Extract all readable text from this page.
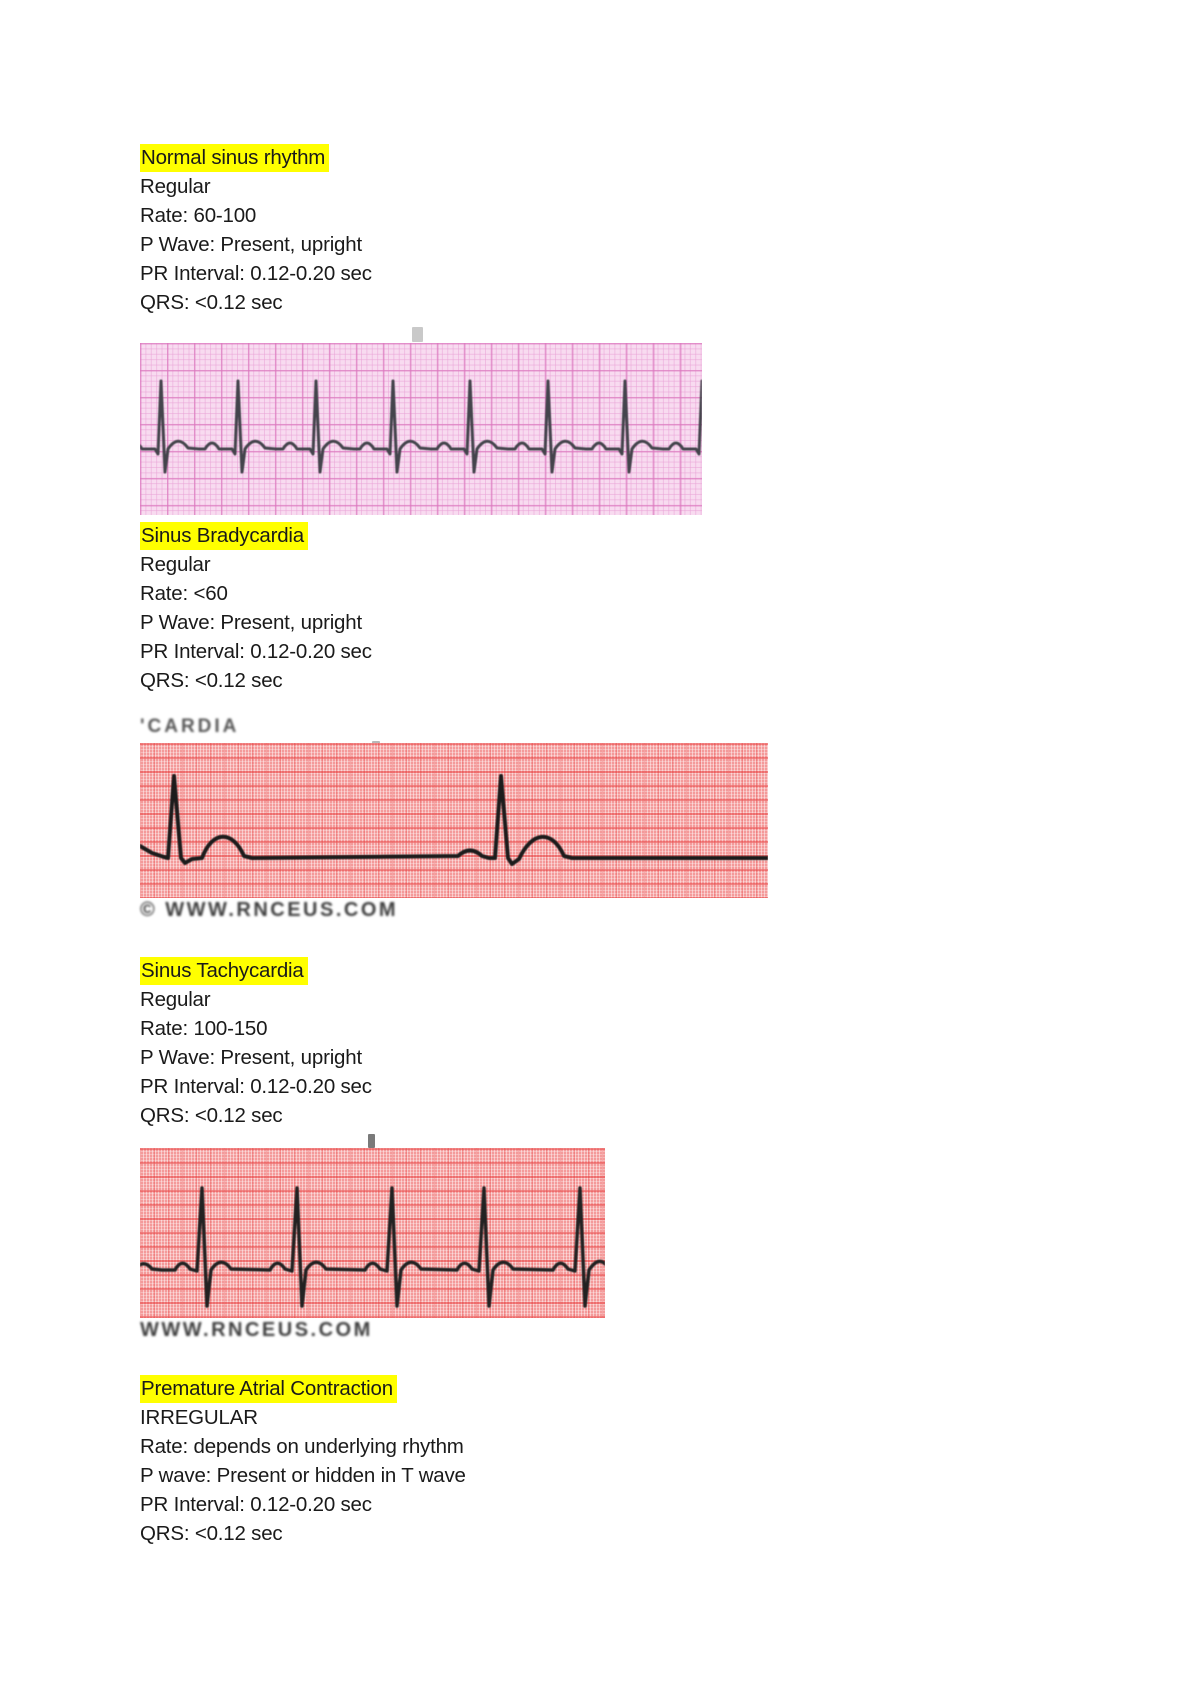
Normal sinus rhythm

Regular

Rate: 60-100

P Wave: Present, upright

PR Interval: 0.12-0.20 sec

QRS: <0.12 sec

Sinus Bradycardia

Regular

Rate: <60

P Wave: Present, upright

PR Interval: 0.12-0.20 sec

QRS: <0.12 sec

'CARDIA
© WWW.RNCEUS.COM

Sinus Tachycardia

Regular

Rate: 100-150

P Wave: Present, upright

PR Interval: 0.12-0.20 sec

QRS: <0.12 sec

WWW.RNCEUS.COM

Premature Atrial Contraction

IRREGULAR

Rate: depends on underlying rhythm

P wave: Present or hidden in T wave

PR Interval: 0.12-0.20 sec

QRS: <0.12 sec
